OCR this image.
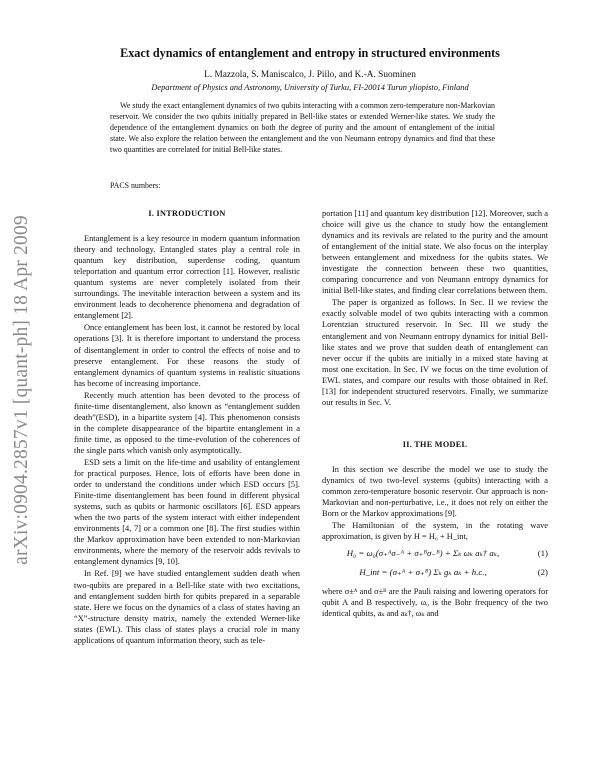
arXiv:0904.2857v1 [quant-ph] 18 Apr 2009
Exact dynamics of entanglement and entropy in structured environments
L. Mazzola, S. Maniscalco, J. Piilo, and K.-A. Suominen
Department of Physics and Astronomy, University of Turku, FI-20014 Turun yliopisto, Finland

We study the exact entanglement dynamics of two qubits interacting with a common zero-temperature non-Markovian reservoir. We consider the two qubits initially prepared in Bell-like states or extended Werner-like states. We study the dependence of the entanglement dynamics on both the degree of purity and the amount of entanglement of the initial state. We also explore the relation between the entanglement and the von Neumann entropy dynamics and find that these two quantities are correlated for initial Bell-like states.

PACS numbers:
I. INTRODUCTION

Entanglement is a key resource in modern quantum information theory and technology. Entangled states play a central role in quantum key distribution, superdense coding, quantum teleportation and quantum error correction [1]. However, realistic quantum systems are never completely isolated from their surroundings. The inevitable interaction between a system and its environment leads to decoherence phenomena and degradation of entanglement [2].

Once entanglement has been lost, it cannot be restored by local operations [3]. It is therefore important to understand the process of disentanglement in order to control the effects of noise and to preserve entanglement. For these reasons the study of entanglement dynamics of quantum systems in realistic situations has become of increasing importance.

Recently much attention has been devoted to the process of finite-time disentanglement, also known as “entanglement sudden death”(ESD), in a bipartite system [4]. This phenomenon consists in the complete disappearance of the bipartite entanglement in a finite time, as opposed to the time-evolution of the coherences of the single parts which vanish only asymptotically.

ESD sets a limit on the life-time and usability of entanglement for practical purposes. Hence, lots of efforts have been done in order to understand the conditions under which ESD occurs [5]. Finite-time disentanglement has been found in different physical systems, such as qubits or harmonic oscillators [6]. ESD appears when the two parts of the system interact with either independent environments [4, 7] or a common one [8]. The first studies within the Markov approximation have been extended to non-Markovian environments, where the memory of the reservoir adds revivals to entanglement dynamics [9, 10].

In Ref. [9] we have studied entanglement sudden death when two-qubits are prepared in a Bell-like state with two excitations, and entanglement sudden birth for qubits prepared in a separable state. Here we focus on the dynamics of a class of states having an “X”-structure density matrix, namely the extended Werner-like states (EWL). This class of states plays a crucial role in many applications of quantum information theory, such as tele-

portation [11] and quantum key distribution [12]. Moreover, such a choice will give us the chance to study how the entanglement dynamics and its revivals are related to the purity and the amount of entanglement of the initial state. We also focus on the interplay between entanglement and mixedness for the qubits states. We investigate the connection between these two quantities, comparing concurrence and von Neumann entropy dynamics for initial Bell-like states, and finding clear correlations between them.

The paper is organized as follows. In Sec. II we review the exactly solvable model of two qubits interacting with a common Lorentzian structured reservoir. In Sec. III we study the entanglement and von Neumann entropy dynamics for initial Bell-like states and we prove that sudden death of entanglement can never occur if the qubits are initially in a mixed state having at most one excitation. In Sec. IV we focus on the time evolution of EWL states, and compare our results with those obtained in Ref. [13] for independent structured reservoirs. Finally, we summarize our results in Sec. V.

II. THE MODEL

In this section we describe the model we use to study the dynamics of two two-level systems (qubits) interacting with a common zero-temperature bosonic reservoir. Our approach is non-Markovian and non-perturbative, i.e., it does not rely on either the Born or the Markov approximations [9].

The Hamiltonian of the system, in the rotating wave approximation, is given by H = H₀ + H_int,

H₀ = ω₀(σ₊ᴬσ₋ᴬ + σ₊ᴮσ₋ᴮ) + Σₖ ωₖ aₖ† aₖ,	(1)
H_int = (σ₊ᴬ + σ₊ᴮ) Σₖ gₖ aₖ + h.c.,	(2)

where σ±ᴬ and σ±ᴮ are the Pauli raising and lowering operators for qubit A and B respectively, ω₀ is the Bohr frequency of the two identical qubits, aₖ and aₖ†, ωₖ and
